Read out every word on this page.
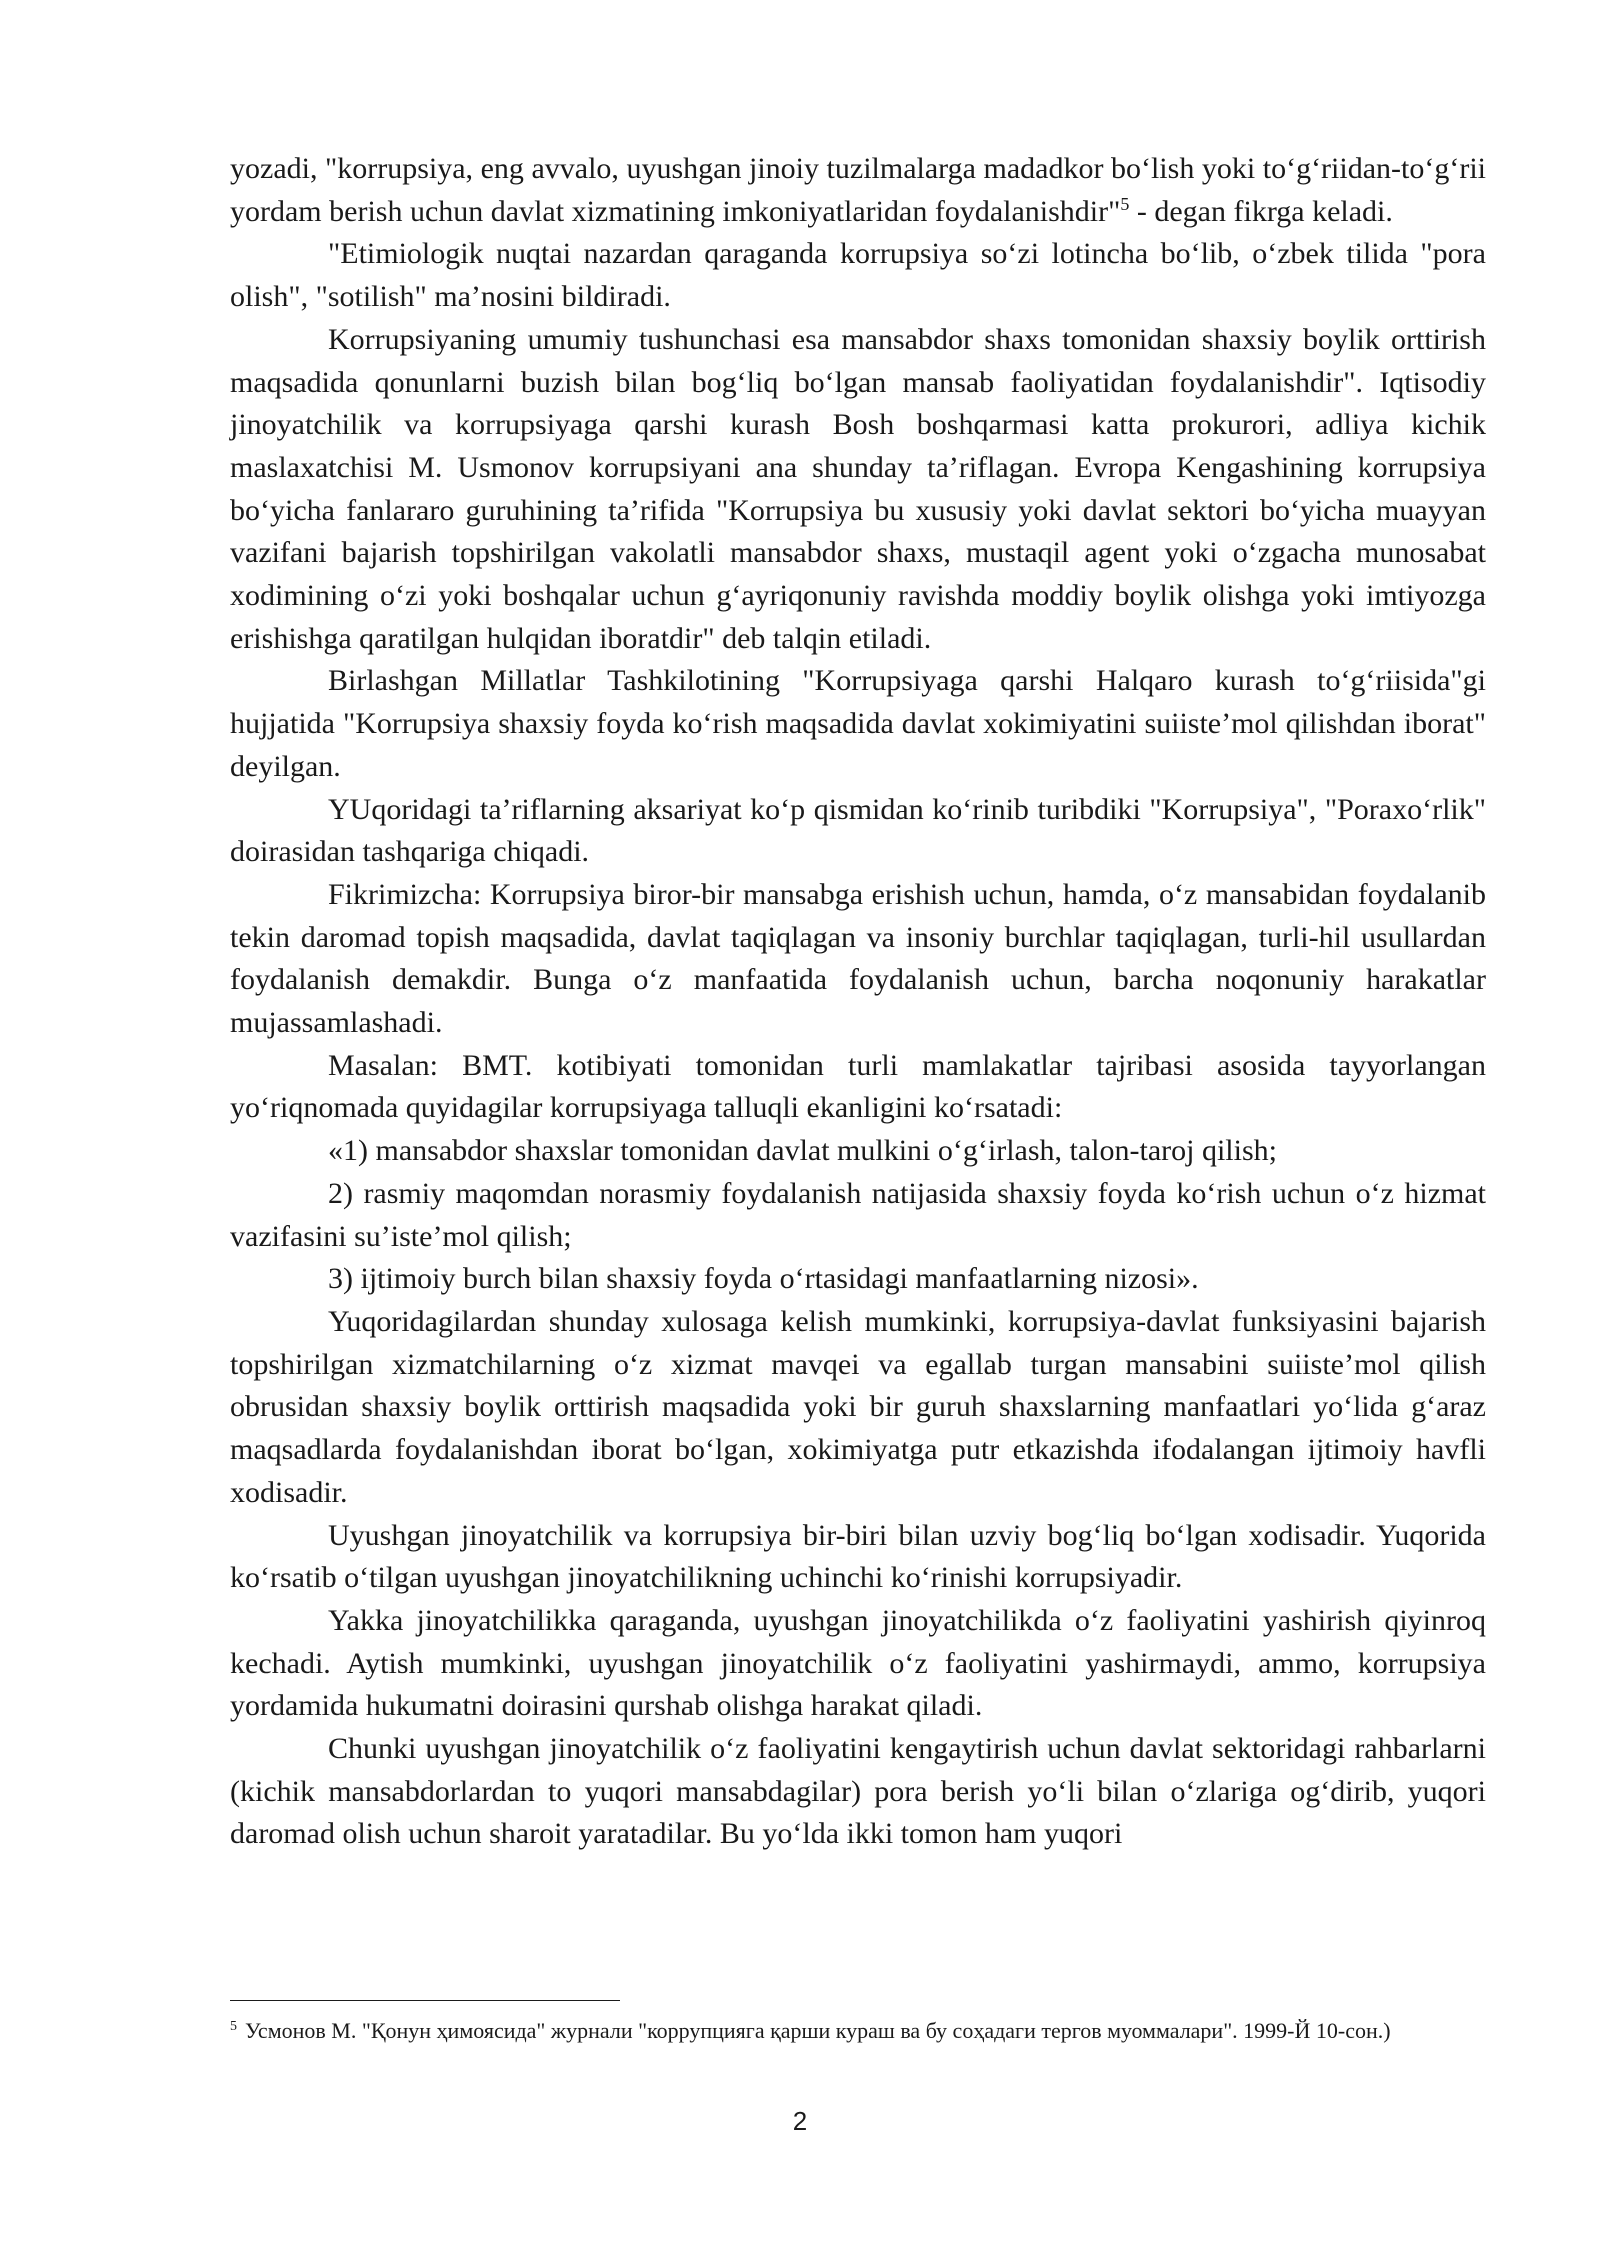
yozadi, "korrupsiya, eng avvalo, uyushgan jinoiy tuzilmalarga madadkor bo‘lish yoki to‘g‘riidan-to‘g‘rii yordam berish uchun davlat xizmatining imkoniyatlaridan foydalanishdir"$^5$ - degan fikrga keladi.

"Etimiologik nuqtai nazardan qaraganda korrupsiya so‘zi lotincha bo‘lib, o‘zbek tilida "pora olish", "sotilish" ma’nosini bildiradi.

Korrupsiyaning umumiy tushunchasi esa mansabdor shaxs tomonidan shaxsiy boylik orttirish maqsadida qonunlarni buzish bilan bog‘liq bo‘lgan mansab faoliyatidan foydalanishdir". Iqtisodiy jinoyatchilik va korrupsiyaga qarshi kurash Bosh boshqarmasi katta prokurori, adliya kichik maslaxatchisi M. Usmonov korrupsiyani ana shunday ta’riflagan. Evropa Kengashining korrupsiya bo‘yicha fanlararo guruhining ta’rifida "Korrupsiya bu xususiy yoki davlat sektori bo‘yicha muayyan vazifani bajarish topshirilgan vakolatli mansabdor shaxs, mustaqil agent yoki o‘zgacha munosabat xodimining o‘zi yoki boshqalar uchun g‘ayriqonuniy ravishda moddiy boylik olishga yoki imtiyozga erishishga qaratilgan hulqidan iboratdir" deb talqin etiladi.

Birlashgan Millatlar Tashkilotining "Korrupsiyaga qarshi Halqaro kurash to‘g‘riisida"gi hujjatida "Korrupsiya shaxsiy foyda ko‘rish maqsadida davlat xokimiyatini suiiste’mol qilishdan iborat" deyilgan.

YUqoridagi ta’riflarning aksariyat ko‘p qismidan ko‘rinib turibdiki "Korrupsiya", "Poraxo‘rlik" doirasidan tashqariga chiqadi.

Fikrimizcha: Korrupsiya biror-bir mansabga erishish uchun, hamda, o‘z mansabidan foydalanib tekin daromad topish maqsadida, davlat taqiqlagan va insoniy burchlar taqiqlagan, turli-hil usullardan foydalanish demakdir. Bunga o‘z manfaatida foydalanish uchun, barcha noqonuniy harakatlar mujassamlashadi.

Masalan: BMT. kotibiyati tomonidan turli mamlakatlar tajribasi asosida tayyorlangan yo‘riqnomada quyidagilar korrupsiyaga talluqli ekanligini ko‘rsatadi:

«1) mansabdor shaxslar tomonidan davlat mulkini o‘g‘irlash, talon-taroj qilish;

2) rasmiy maqomdan norasmiy foydalanish natijasida shaxsiy foyda ko‘rish uchun o‘z hizmat vazifasini su’iste’mol qilish;

3) ijtimoiy burch bilan shaxsiy foyda o‘rtasidagi manfaatlarning nizosi».

Yuqoridagilardan shunday xulosaga kelish mumkinki, korrupsiya-davlat funksiyasini bajarish topshirilgan xizmatchilarning o‘z xizmat mavqei va egallab turgan mansabini suiiste’mol qilish obrusidan shaxsiy boylik orttirish maqsadida yoki bir guruh shaxslarning manfaatlari yo‘lida g‘araz maqsadlarda foydalanishdan iborat bo‘lgan, xokimiyatga putr etkazishda ifodalangan ijtimoiy havfli xodisadir.

Uyushgan jinoyatchilik va korrupsiya bir-biri bilan uzviy bog‘liq bo‘lgan xodisadir. Yuqorida ko‘rsatib o‘tilgan uyushgan jinoyatchilikning uchinchi ko‘rinishi korrupsiyadir.

Yakka jinoyatchilikka qaraganda, uyushgan jinoyatchilikda o‘z faoliyatini yashirish qiyinroq kechadi. Aytish mumkinki, uyushgan jinoyatchilik o‘z faoliyatini yashirmaydi, ammo, korrupsiya yordamida hukumatni doirasini qurshab olishga harakat qiladi.

Chunki uyushgan jinoyatchilik o‘z faoliyatini kengaytirish uchun davlat sektoridagi rahbarlarni (kichik mansabdorlardan to yuqori mansabdagilar) pora berish yo‘li bilan o‘zlariga og‘dirib, yuqori daromad olish uchun sharoit yaratadilar. Bu yo‘lda ikki tomon ham yuqori

$^5$ Усмонов М. "Қонун ҳимоясида" журнали "коррупцияга қарши кураш ва бу соҳадаги тергов муоммалари". 1999-Й 10-сон.)
2
